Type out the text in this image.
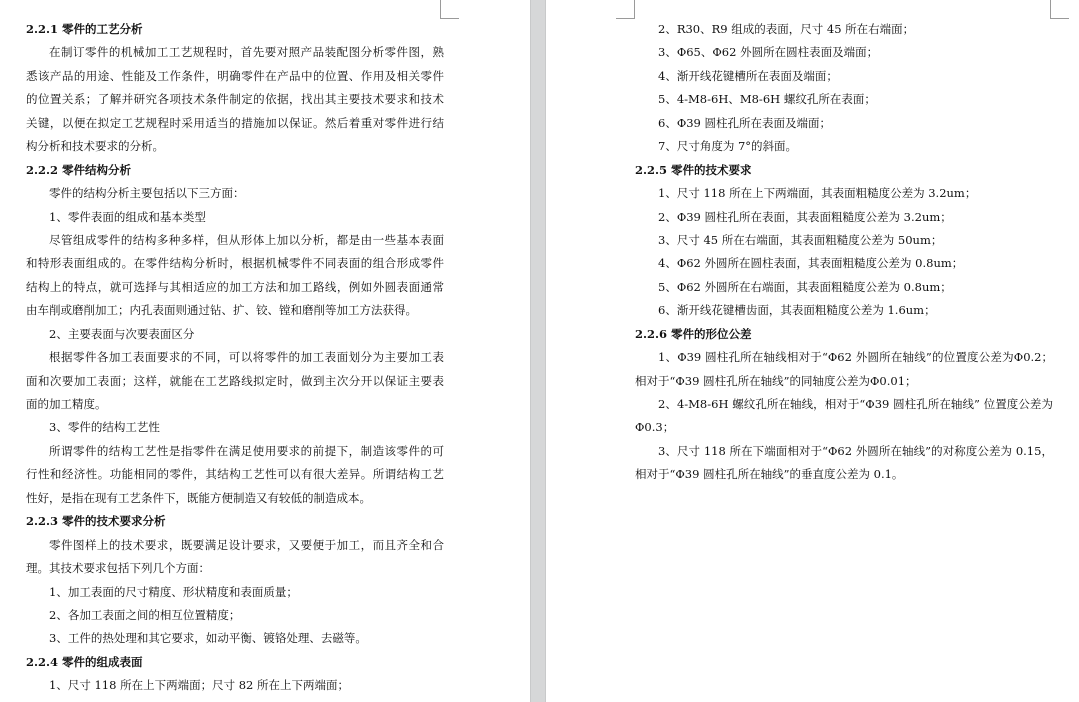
2.2.1 零件的工艺分析
在制订零件的机械加工工艺规程时，首先要对照产品装配图分析零件图，熟
悉该产品的用途、性能及工作条件，明确零件在产品中的位置、作用及相关零件
的位置关系；了解并研究各项技术条件制定的依据，找出其主要技术要求和技术
关键，以便在拟定工艺规程时采用适当的措施加以保证。然后着重对零件进行结
构分析和技术要求的分析。
2.2.2 零件结构分析
零件的结构分析主要包括以下三方面：
1、零件表面的组成和基本类型
尽管组成零件的结构多种多样，但从形体上加以分析，都是由一些基本表面
和特形表面组成的。在零件结构分析时，根据机械零件不同表面的组合形成零件
结构上的特点，就可选择与其相适应的加工方法和加工路线，例如外圆表面通常
由车削或磨削加工；内孔表面则通过钻、扩、铰、镗和磨削等加工方法获得。
2、主要表面与次要表面区分
根据零件各加工表面要求的不同，可以将零件的加工表面划分为主要加工表
面和次要加工表面；这样，就能在工艺路线拟定时，做到主次分开以保证主要表
面的加工精度。
3、零件的结构工艺性
所谓零件的结构工艺性是指零件在满足使用要求的前提下，制造该零件的可
行性和经济性。功能相同的零件，其结构工艺性可以有很大差异。所谓结构工艺
性好，是指在现有工艺条件下，既能方便制造又有较低的制造成本。
2.2.3 零件的技术要求分析
零件图样上的技术要求，既要满足设计要求，又要便于加工，而且齐全和合
理。其技术要求包括下列几个方面：
1、加工表面的尺寸精度、形状精度和表面质量；
2、各加工表面之间的相互位置精度；
3、工件的热处理和其它要求，如动平衡、镀铬处理、去磁等。
2.2.4 零件的组成表面
1、尺寸 118 所在上下两端面；尺寸 82 所在上下两端面；
2、R30、R9 组成的表面，尺寸 45 所在右端面；
3、Φ65、Φ62 外圆所在圆柱表面及端面；
4、渐开线花键槽所在表面及端面；
5、4-M8-6H、M8-6H 螺纹孔所在表面；
6、Φ39 圆柱孔所在表面及端面；
7、尺寸角度为 7°的斜面。
2.2.5 零件的技术要求
1、尺寸 118 所在上下两端面，其表面粗糙度公差为 3.2um；
2、Φ39 圆柱孔所在表面，其表面粗糙度公差为 3.2um；
3、尺寸 45 所在右端面，其表面粗糙度公差为 50um；
4、Φ62 外圆所在圆柱表面，其表面粗糙度公差为 0.8um；
5、Φ62 外圆所在右端面，其表面粗糙度公差为 0.8um；
6、渐开线花键槽齿面，其表面粗糙度公差为 1.6um；
2.2.6 零件的形位公差
1、Φ39 圆柱孔所在轴线相对于“Φ62 外圆所在轴线”的位置度公差为Φ0.2；
相对于“Φ39 圆柱孔所在轴线”的同轴度公差为Φ0.01；
2、4-M8-6H 螺纹孔所在轴线，相对于“Φ39 圆柱孔所在轴线” 位置度公差为
Φ0.3；
3、尺寸 118 所在下端面相对于“Φ62 外圆所在轴线”的对称度公差为 0.15，
相对于“Φ39 圆柱孔所在轴线”的垂直度公差为 0.1。
